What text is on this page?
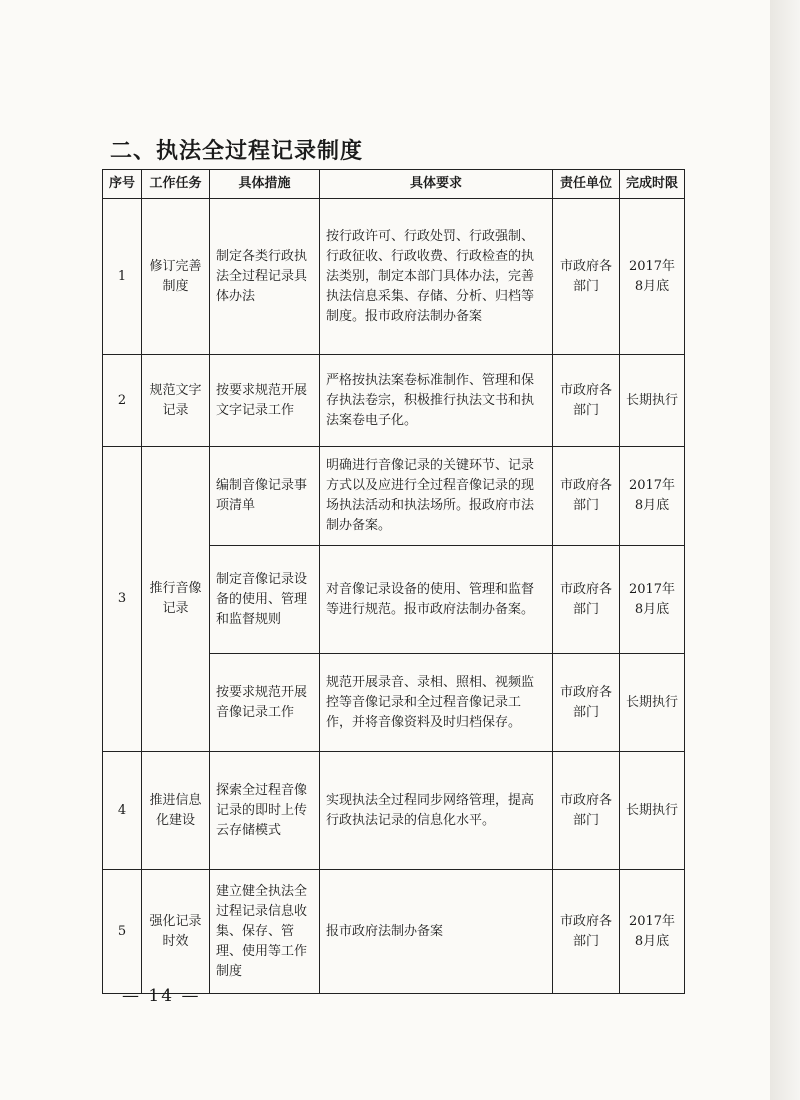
二、执法全过程记录制度
序号	工作任务	具体措施	具体要求	责任单位	完成时限
1	修订完善制度	制定各类行政执法全过程记录具体办法	按行政许可、行政处罚、行政强制、行政征收、行政收费、行政检查的执法类别，制定本部门具体办法，完善执法信息采集、存储、分析、归档等制度。报市政府法制办备案	市政府各部门	2017年8月底
2	规范文字记录	按要求规范开展文字记录工作	严格按执法案卷标准制作、管理和保存执法卷宗，积极推行执法文书和执法案卷电子化。	市政府各部门	长期执行
3	推行音像记录	编制音像记录事项清单	明确进行音像记录的关键环节、记录方式以及应进行全过程音像记录的现场执法活动和执法场所。报政府市法制办备案。	市政府各部门	2017年8月底
		制定音像记录设备的使用、管理和监督规则	对音像记录设备的使用、管理和监督等进行规范。报市政府法制办备案。	市政府各部门	2017年8月底
		按要求规范开展音像记录工作	规范开展录音、录相、照相、视频监控等音像记录和全过程音像记录工作，并将音像资料及时归档保存。	市政府各部门	长期执行
4	推进信息化建设	探索全过程音像记录的即时上传云存储模式	实现执法全过程同步网络管理，提高行政执法记录的信息化水平。	市政府各部门	长期执行
5	强化记录时效	建立健全执法全过程记录信息收集、保存、管理、使用等工作制度	报市政府法制办备案	市政府各部门	2017年8月底
— 14 —
